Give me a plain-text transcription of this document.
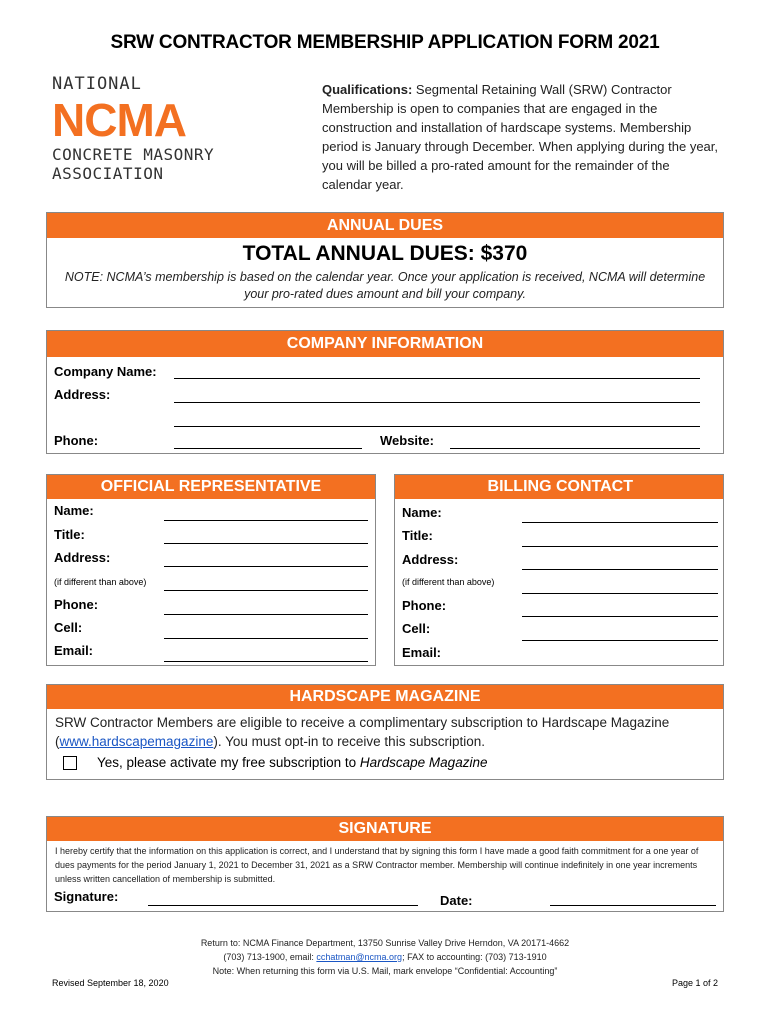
SRW CONTRACTOR MEMBERSHIP APPLICATION FORM 2021
NATIONAL
NCMA
CONCRETE MASONRY
ASSOCIATION
Qualifications: Segmental Retaining Wall (SRW) Contractor Membership is open to companies that are engaged in the construction and installation of hardscape systems. Membership period is January through December. When applying during the year, you will be billed a pro-rated amount for the remainder of the calendar year.
ANNUAL DUES
TOTAL ANNUAL DUES: $370
NOTE: NCMA’s membership is based on the calendar year. Once your application is received, NCMA will determine your pro-rated dues amount and bill your company.
COMPANY INFORMATION
Company Name:
Address:
Phone:	Website:
OFFICIAL REPRESENTATIVE
Name:
Title:
Address:
(if different than above)
Phone:
Cell:
Email:
BILLING CONTACT
Name:
Title:
Address:
(if different than above)
Phone:
Cell:
Email:
HARDSCAPE MAGAZINE
SRW Contractor Members are eligible to receive a complimentary subscription to Hardscape Magazine (www.hardscapemagazine). You must opt-in to receive this subscription.
Yes, please activate my free subscription to Hardscape Magazine
SIGNATURE
I hereby certify that the information on this application is correct, and I understand that by signing this form I have made a good faith commitment for a one year of dues payments for the period January 1, 2021 to December 31, 2021 as a SRW Contractor member. Membership will continue indefinitely in one year increments unless written cancellation of membership is submitted.
Signature:	Date:
Return to: NCMA Finance Department, 13750 Sunrise Valley Drive Herndon, VA 20171-4662
(703) 713-1900, email: cchatman@ncma.org; FAX to accounting: (703) 713-1910
Note: When returning this form via U.S. Mail, mark envelope “Confidential: Accounting”
Revised September 18, 2020	Page 1 of 2
